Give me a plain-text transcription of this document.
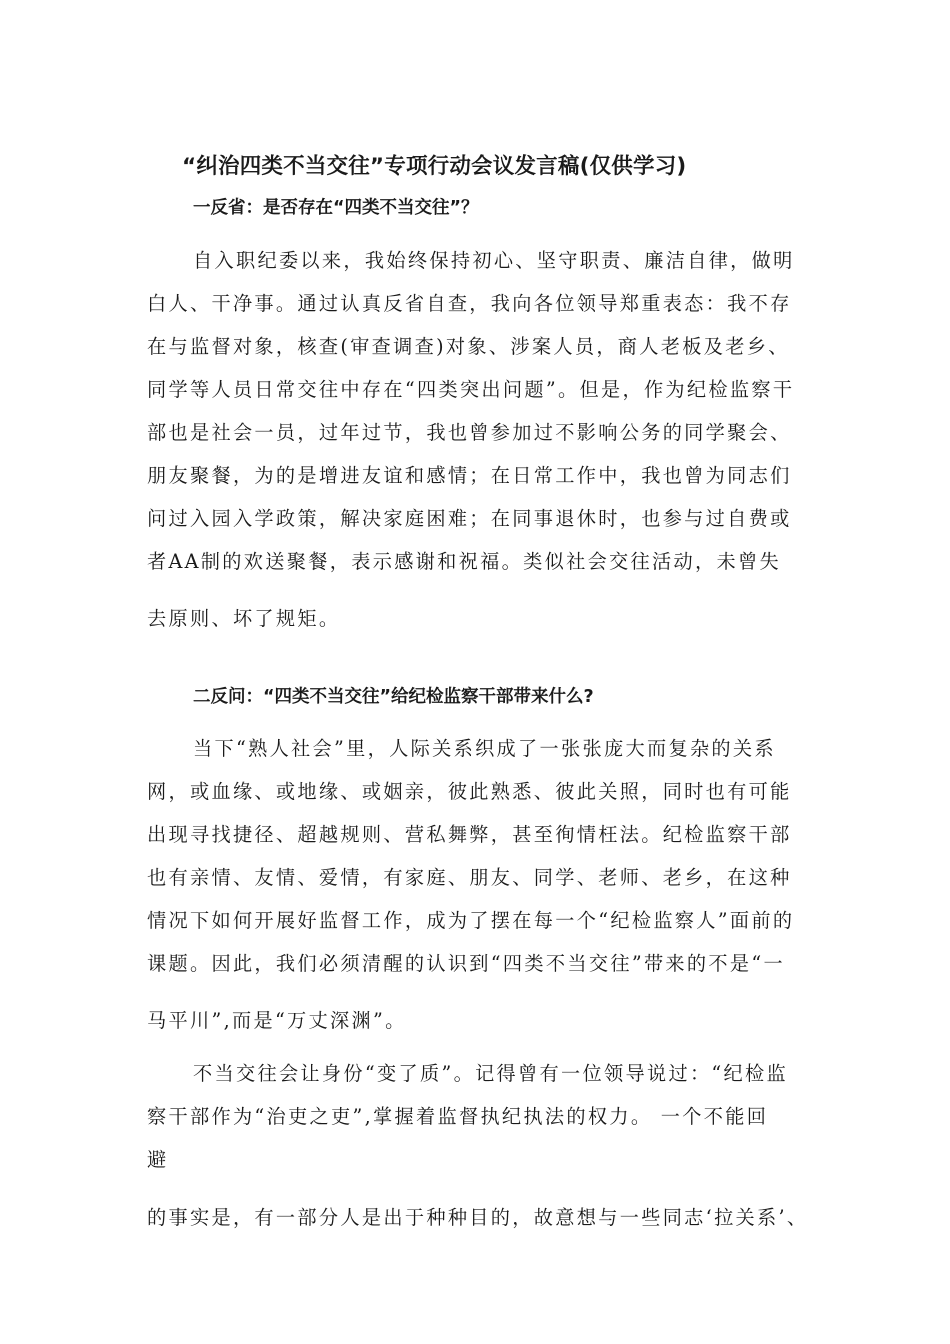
“纠治四类不当交往”专项行动会议发言稿(仅供学习)
一反省：是否存在“四类不当交往”？
自入职纪委以来，我始终保持初心、坚守职责、廉洁自律，做明
白人、干净事。通过认真反省自查，我向各位领导郑重表态：我不存
在与监督对象，核查(审查调查)对象、涉案人员，商人老板及老乡、
同学等人员日常交往中存在“四类突出问题”。但是，作为纪检监察干
部也是社会一员，过年过节，我也曾参加过不影响公务的同学聚会、
朋友聚餐，为的是增进友谊和感情；在日常工作中，我也曾为同志们
问过入园入学政策，解决家庭困难；在同事退休时，也参与过自费或
者AA制的欢送聚餐，表示感谢和祝福。类似社会交往活动，未曾失
去原则、坏了规矩。
二反问：“四类不当交往”给纪检监察干部带来什么?
当下“熟人社会”里，人际关系织成了一张张庞大而复杂的关系
网，或血缘、或地缘、或姻亲，彼此熟悉、彼此关照，同时也有可能
出现寻找捷径、超越规则、营私舞弊，甚至徇情枉法。纪检监察干部
也有亲情、友情、爱情，有家庭、朋友、同学、老师、老乡，在这种
情况下如何开展好监督工作，成为了摆在每一个“纪检监察人”面前的
课题。因此，我们必须清醒的认识到“四类不当交往”带来的不是“一
马平川”,而是“万丈深渊”。
不当交往会让身份“变了质”。记得曾有一位领导说过：“纪检监
察干部作为“治吏之吏”,掌握着监督执纪执法的权力。 一个不能回
避
的事实是，有一部分人是出于种种目的，故意想与一些同志‘拉关系’、
